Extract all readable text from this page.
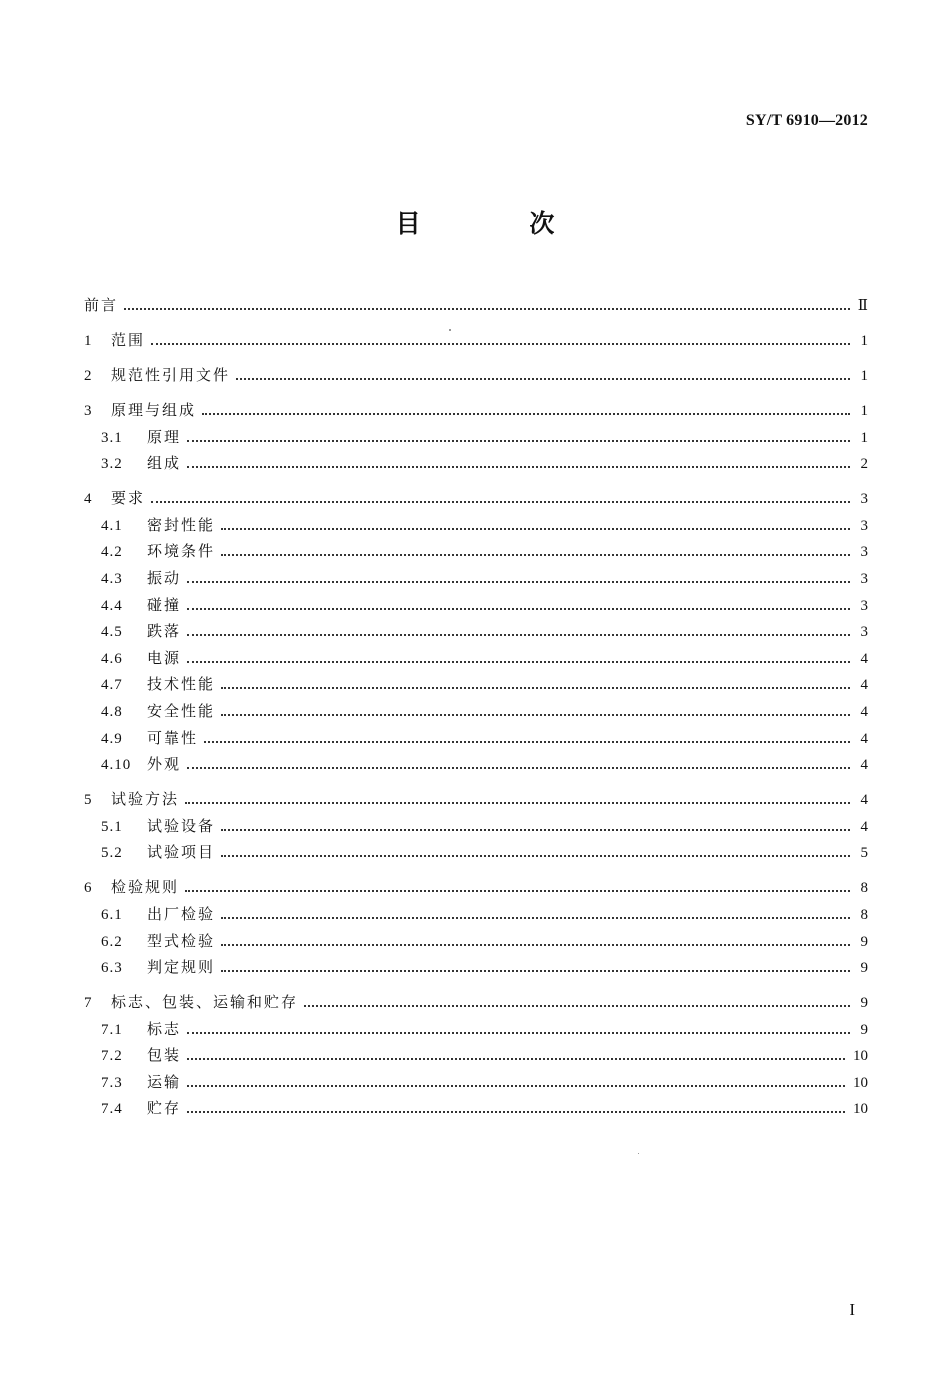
SY/T 6910—2012
目 次
前言	Ⅱ
1	范围	1
2	规范性引用文件	1
3	原理与组成	1
3.1	原理	1
3.2	组成	2
4	要求	3
4.1	密封性能	3
4.2	环境条件	3
4.3	振动	3
4.4	碰撞	3
4.5	跌落	3
4.6	电源	4
4.7	技术性能	4
4.8	安全性能	4
4.9	可靠性	4
4.10	外观	4
5	试验方法	4
5.1	试验设备	4
5.2	试验项目	5
6	检验规则	8
6.1	出厂检验	8
6.2	型式检验	9
6.3	判定规则	9
7	标志、包装、运输和贮存	9
7.1	标志	9
7.2	包装	10
7.3	运输	10
7.4	贮存	10
I
